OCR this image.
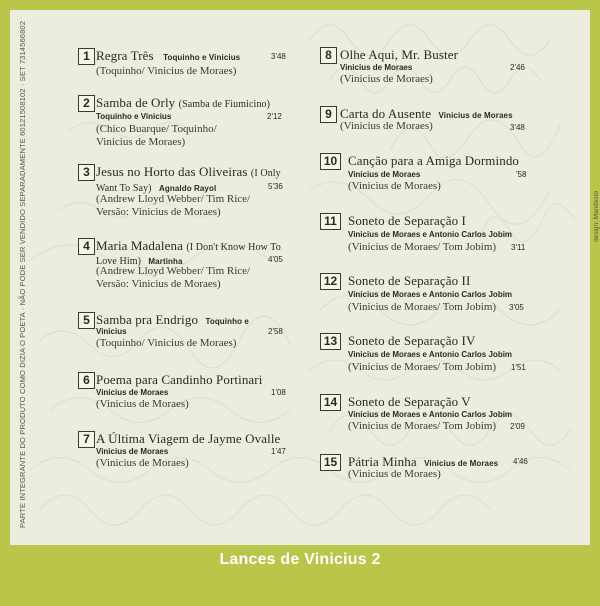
PARTE INTEGRANTE DO PRODUTO COMO DIZIA O POETA · NÃO PODE SER VENDIDO SEPARADAMENTE 60121508102 · SET 7314566802	design: Manifesto
1 Regra Três Toquinho e Vinicius	3'48
(Toquinho/ Vinicius de Moraes)
2 Samba de Orly (Samba de Fiumicino)
Toquinho e Vinicius	2'12
(Chico Buarque/ Toquinho/
Vinicius de Moraes)
3 Jesus no Horto das Oliveiras (I Only
Want To Say) Agnaldo Rayol	5'36
(Andrew Lloyd Webber/ Tim Rice/
Versão: Vinicius de Moraes)
4 Maria Madalena (I Don't Know How To
Love Him) Martinha	4'05
(Andrew Lloyd Webber/ Tim Rice/
Versão: Vinicius de Moraes)
5 Samba pra Endrigo Toquinho e
Vinicius	2'58
(Toquinho/ Vinicius de Moraes)
6 Poema para Candinho Portinari
Vinicius de Moraes	1'08
(Vinicius de Moraes)
7 A Última Viagem de Jayme Ovalle
Vinicius de Moraes	1'47
(Vinicius de Moraes)
8 Olhe Aqui, Mr. Buster
Vinicius de Moraes	2'46
(Vinicius de Moraes)
9 Carta do Ausente Vinicius de Moraes
3'48
(Vinicius de Moraes)
10 Canção para a Amiga Dormindo
Vinicius de Moraes	'58
(Vinicius de Moraes)
11 Soneto de Separação I
Vinicius de Moraes e Antonio Carlos Jobim
(Vinicius de Moraes/ Tom Jobim) 3'11
12 Soneto de Separação II
Vinicius de Moraes e Antonio Carlos Jobim
(Vinicius de Moraes/ Tom Jobim) 3'05
13 Soneto de Separação IV
Vinicius de Moraes e Antonio Carlos Jobim
(Vinicius de Moraes/ Tom Jobim) 1'51
14 Soneto de Separação V
Vinicius de Moraes e Antonio Carlos Jobim
(Vinicius de Moraes/ Tom Jobim) 2'09
15 Pátria Minha Vinicius de Moraes 4'46
(Vinicius de Moraes)
Lances de Vinicius 2
